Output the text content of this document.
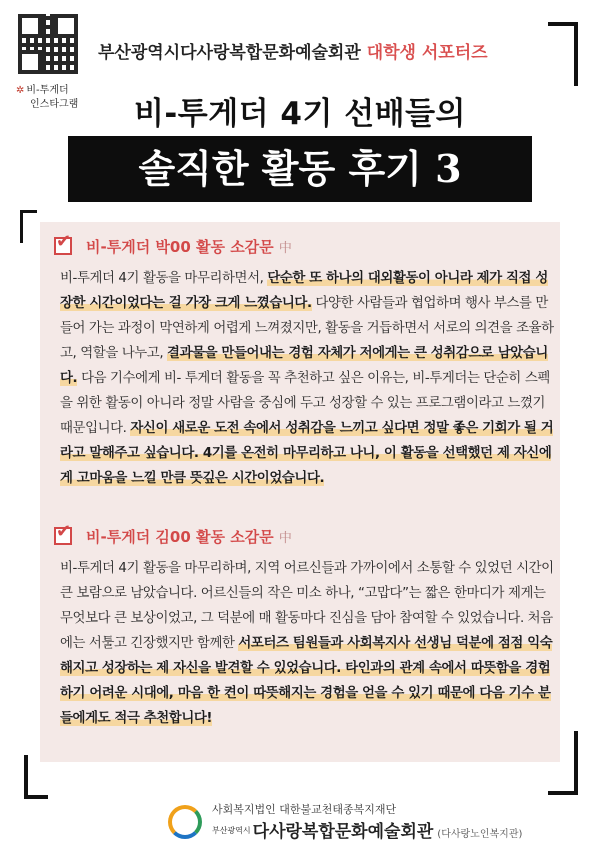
✲ 비-투게더
인스타그램
부산광역시다사랑복합문화예술회관 대학생 서포터즈
비-투게더 4기 선배들의
솔직한 활동 후기 3
✔비-투게더 박00 활동 소감문 中
비-투게더 4기 활동을 마무리하면서, 단순한 또 하나의 대외활동이 아니라 제가 직접 성장한 시간이었다는 걸 가장 크게 느꼈습니다. 다양한 사람들과 협업하며 행사 부스를 만들어 가는 과정이 막연하게 어렵게 느껴졌지만, 활동을 거듭하면서 서로의 의견을 조율하고, 역할을 나누고, 결과물을 만들어내는 경험 자체가 저에게는 큰 성취감으로 남았습니다. 다음 기수에게 비- 투게더 활동을 꼭 추천하고 싶은 이유는, 비-투게더는 단순히 스펙을 위한 활동이 아니라 정말 사람을 중심에 두고 성장할 수 있는 프로그램이라고 느꼈기 때문입니다. 자신이 새로운 도전 속에서 성취감을 느끼고 싶다면 정말 좋은 기회가 될 거라고 말해주고 싶습니다. 4기를 온전히 마무리하고 나니, 이 활동을 선택했던 제 자신에게 고마움을 느낄 만큼 뜻깊은 시간이었습니다.
✔비-투게더 김00 활동 소감문 中
비-투게더 4기 활동을 마무리하며, 지역 어르신들과 가까이에서 소통할 수 있었던 시간이 큰 보람으로 남았습니다. 어르신들의 작은 미소 하나, “고맙다”는 짧은 한마디가 제게는 무엇보다 큰 보상이었고, 그 덕분에 매 활동마다 진심을 담아 참여할 수 있었습니다. 처음에는 서툴고 긴장했지만 함께한 서포터즈 팀원들과 사회복지사 선생님 덕분에 점점 익숙해지고 성장하는 제 자신을 발견할 수 있었습니다. 타인과의 관계 속에서 따뜻함을 경험하기 어려운 시대에, 마음 한 켠이 따뜻해지는 경험을 얻을 수 있기 때문에 다음 기수 분들에게도 적극 추천합니다!
사회복지법인 대한불교천태종복지재단
$^{부산광역시}$ 다사랑복합문화예술회관 (다사랑노인복지관)
